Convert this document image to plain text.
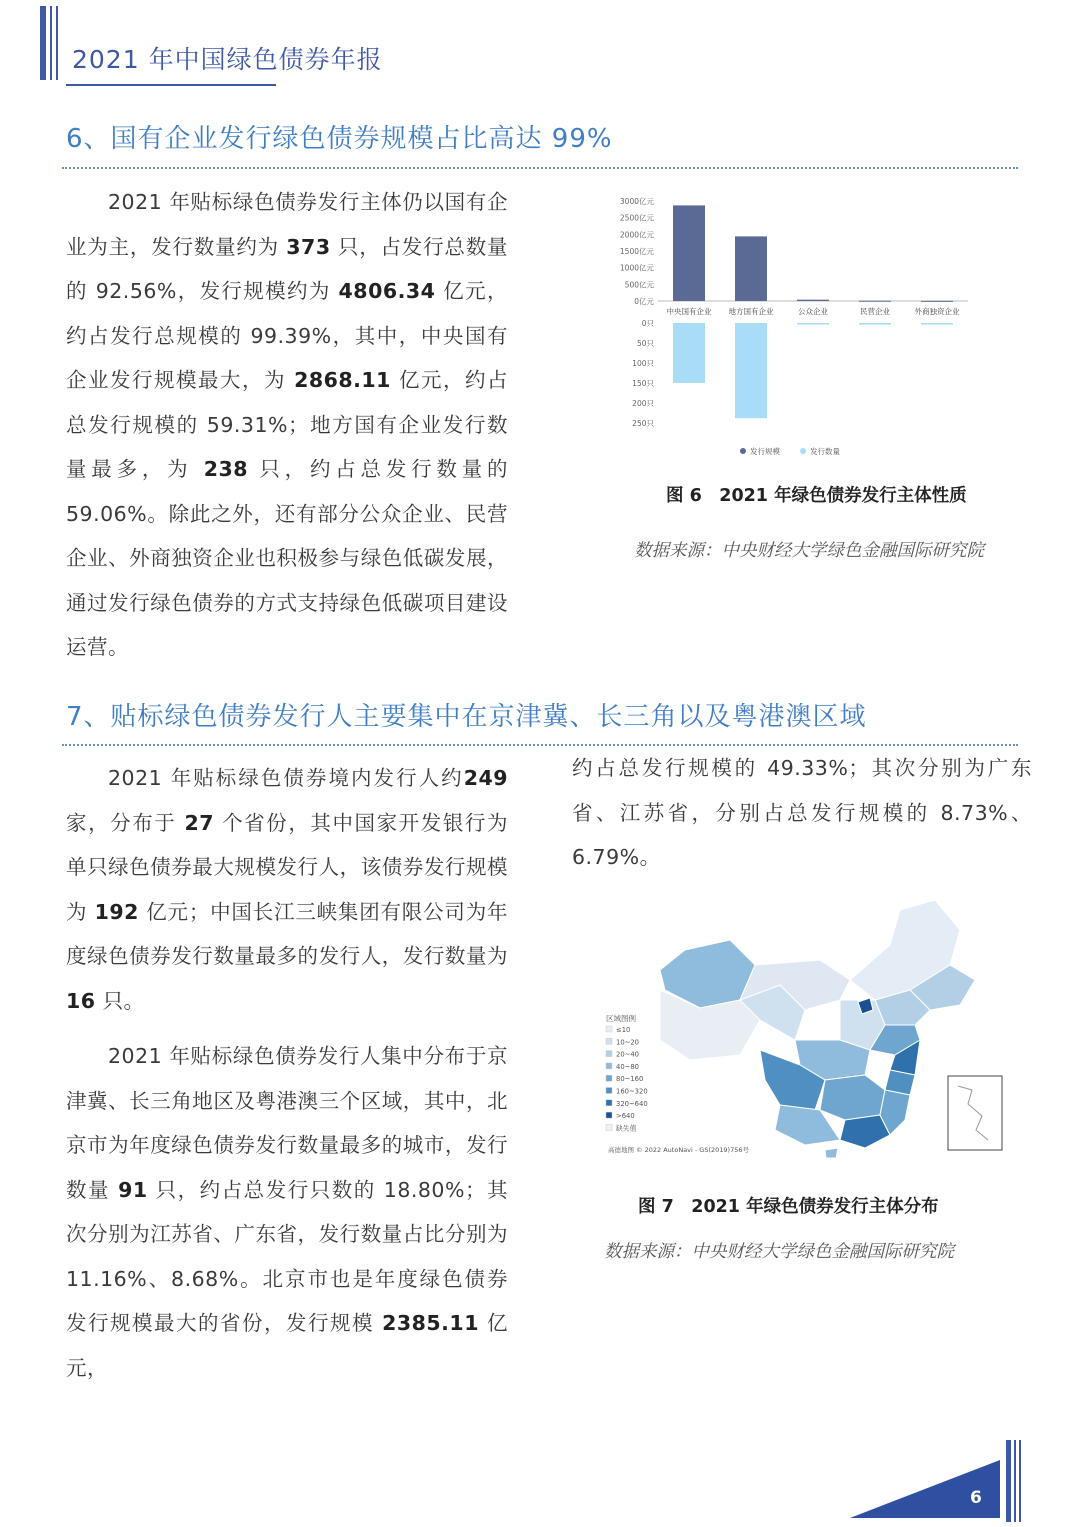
2021 年中国绿色债券年报
6、国有企业发行绿色债券规模占比高达 99%
2021 年贴标绿色债券发行主体仍以国有企业为主，发行数量约为 373 只，占发行总数量的 92.56%，发行规模约为 4806.34 亿元，约占发行总规模的 99.39%，其中，中央国有企业发行规模最大，为 2868.11 亿元，约占总发行规模的 59.31%；地方国有企业发行数量最多，为 238 只，约占总发行数量的 59.06%。除此之外，还有部分公众企业、民营企业、外商独资企业也积极参与绿色低碳发展，通过发行绿色债券的方式支持绿色低碳项目建设运营。
3000亿元
2500亿元
2000亿元
1500亿元
1000亿元
500亿元
0亿元
0只
50只
100只
150只
200只
250只
中央国有企业 地方国有企业	公众企业	民营企业	外商独资企业
发行规模	发行数量
图 6　2021 年绿色债券发行主体性质
数据来源：中央财经大学绿色金融国际研究院
7、贴标绿色债券发行人主要集中在京津冀、长三角以及粤港澳区域
2021 年贴标绿色债券境内发行人约249家，分布于 27 个省份，其中国家开发银行为单只绿色债券最大规模发行人，该债券发行规模为 192 亿元；中国长江三峡集团有限公司为年度绿色债券发行数量最多的发行人，发行数量为 16 只。
2021 年贴标绿色债券发行人集中分布于京津冀、长三角地区及粤港澳三个区域，其中，北京市为年度绿色债券发行数量最多的城市，发行数量 91 只，约占总发行只数的 18.80%；其次分别为江苏省、广东省，发行数量占比分别为 11.16%、8.68%。北京市也是年度绿色债券发行规模最大的省份，发行规模 2385.11 亿元，
约占总发行规模的 49.33%；其次分别为广东省、江苏省，分别占总发行规模的 8.73%、6.79%。
区域图例
≤10
10~20
20~40
40~80
80~160
160~320
320~640
>640
缺失值
高德地图 © 2022 AutoNavi - GS(2019)756号
图 7　2021 年绿色债券发行主体分布
数据来源：中央财经大学绿色金融国际研究院
6
